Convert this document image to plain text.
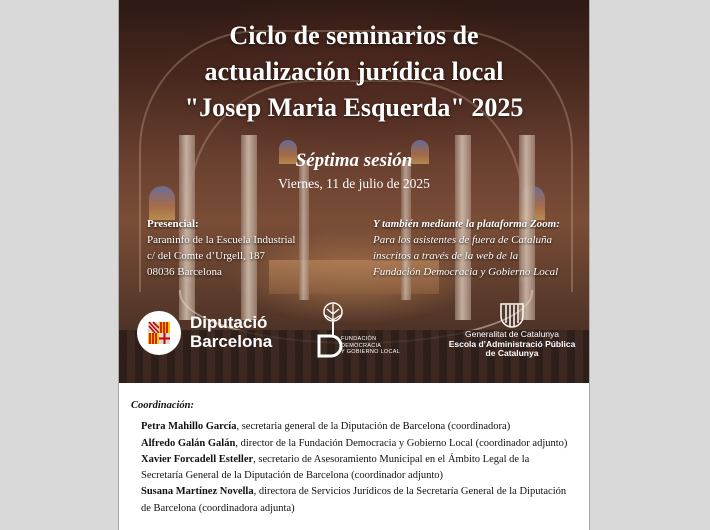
Ciclo de seminarios de
actualización jurídica local
"Josep Maria Esquerda" 2025
Séptima sesión
Viernes, 11 de julio de 2025
Presencial:
Paraninfo de la Escuela Industrial
c/ del Comte d’Urgell, 187
08036 Barcelona
Y también mediante la plataforma Zoom:
Para los asistentes de fuera de Cataluña
inscritos a través de la web de la
Fundación Democracia y Gobierno Local
Diputació
Barcelona	FUNDACIÓN
DEMOCRACIA
Y GOBIERNO LOCAL
Generalitat de Catalunya
Escola d’Administració Pública
de Catalunya
Coordinación:
Petra Mahillo García, secretaria general de la Diputación de Barcelona (coordinadora)
Alfredo Galán Galán, director de la Fundación Democracia y Gobierno Local (coordinador adjunto)
Xavier Forcadell Esteller, secretario de Asesoramiento Municipal en el Ámbito Legal de la
Secretaría General de la Diputación de Barcelona (coordinador adjunto)
Susana Martínez Novella, directora de Servicios Jurídicos de la Secretaría General de la Diputación
de Barcelona (coordinadora adjunta)
